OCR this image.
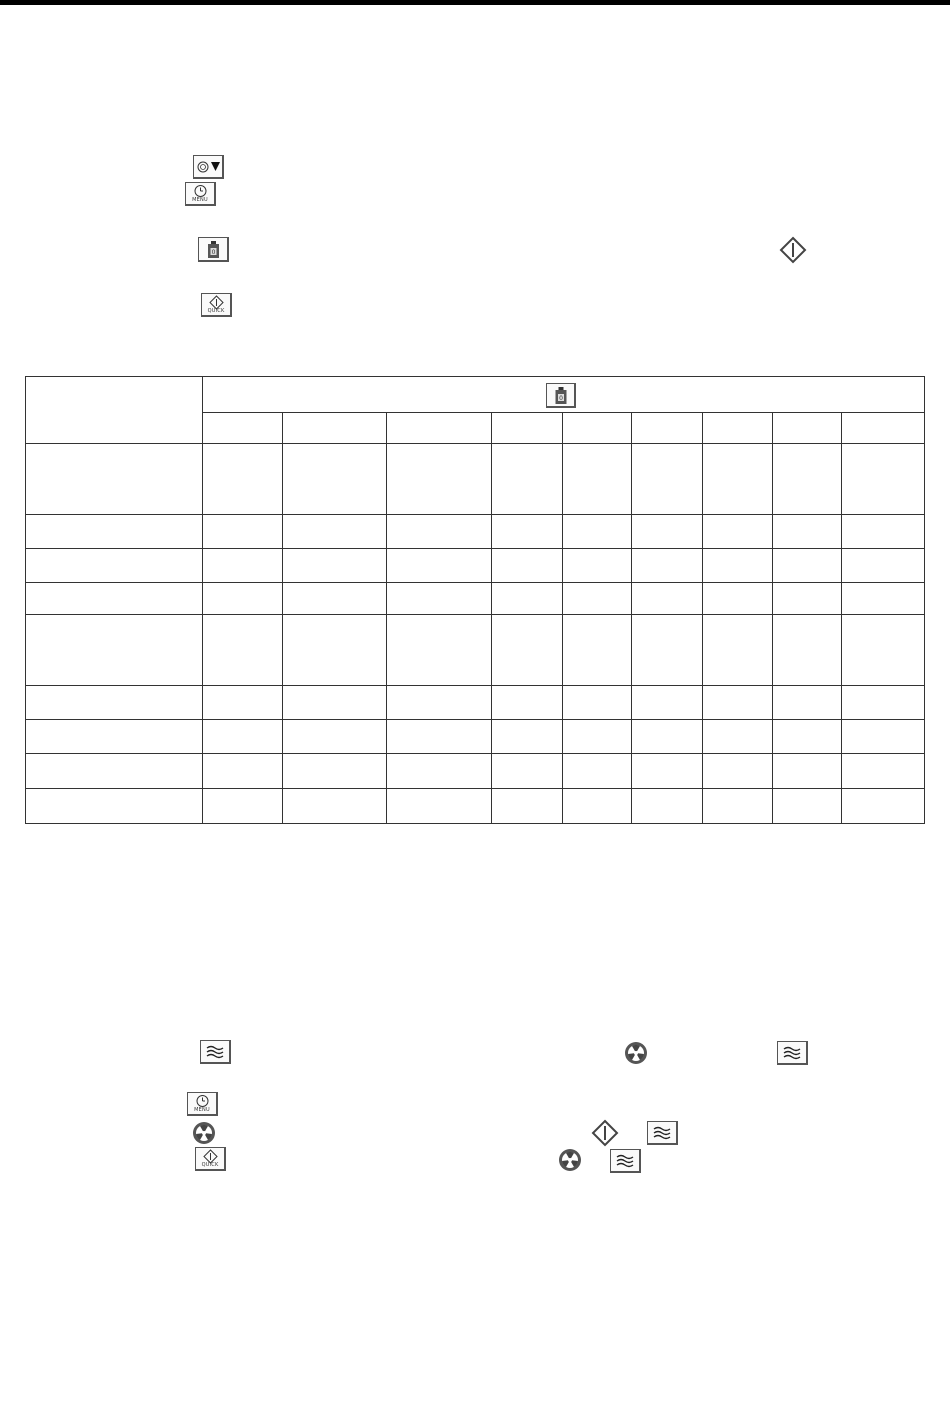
MENU
0
QUICK

0
MENU
QUICK
